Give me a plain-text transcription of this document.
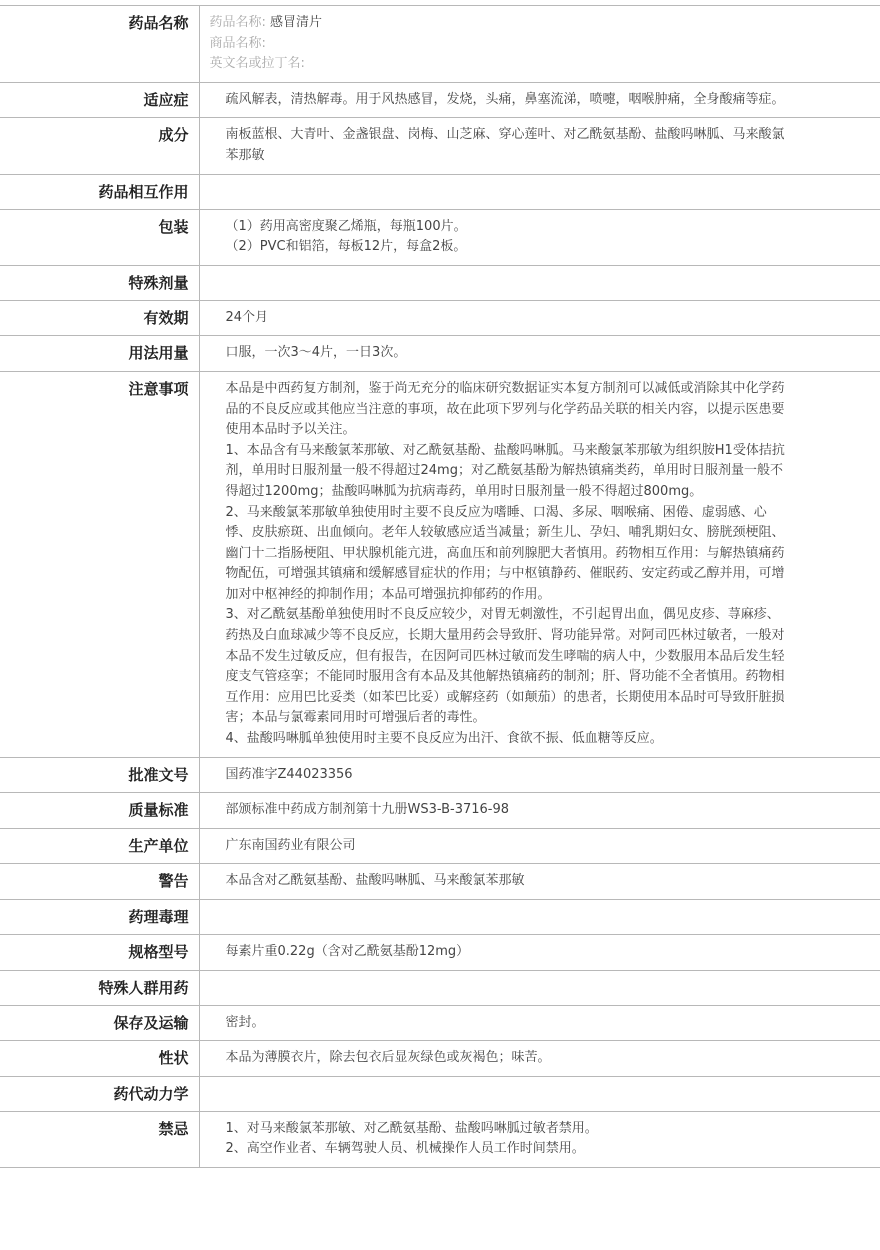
药品名称	药品名称: 感冒清片
商品名称:
英文名或拉丁名:

适应症	疏风解表，清热解毒。用于风热感冒，发烧，头痛，鼻塞流涕，喷嚏，咽喉肿痛，全身酸痛等症。
成分	南板蓝根、大青叶、金盏银盘、岗梅、山芝麻、穿心莲叶、对乙酰氨基酚、盐酸吗啉胍、马来酸氯苯那敏
药品相互作用	
包装	（1）药用高密度聚乙烯瓶，每瓶100片。
（2）PVC和铝箔，每板12片，每盒2板。

特殊剂量	
有效期	24个月
用法用量	口服，一次3～4片，一日3次。
注意事项	本品是中西药复方制剂，鉴于尚无充分的临床研究数据证实本复方制剂可以减低或消除其中化学药品的不良反应或其他应当注意的事项，故在此项下罗列与化学药品关联的相关内容，以提示医患要使用本品时予以关注。
1、本品含有马来酸氯苯那敏、对乙酰氨基酚、盐酸吗啉胍。马来酸氯苯那敏为组织胺H1受体拮抗剂，单用时日服剂量一般不得超过24mg；对乙酰氨基酚为解热镇痛类药，单用时日服剂量一般不得超过1200mg；盐酸吗啉胍为抗病毒药，单用时日服剂量一般不得超过800mg。
2、马来酸氯苯那敏单独使用时主要不良反应为嗜睡、口渴、多尿、咽喉痛、困倦、虚弱感、心悸、皮肤瘀斑、出血倾向。老年人较敏感应适当减量；新生儿、孕妇、哺乳期妇女、膀胱颈梗阻、幽门十二指肠梗阻、甲状腺机能亢进，高血压和前列腺肥大者慎用。药物相互作用：与解热镇痛药物配伍，可增强其镇痛和缓解感冒症状的作用；与中枢镇静药、催眠药、安定药或乙醇并用，可增加对中枢神经的抑制作用；本品可增强抗抑郁药的作用。
3、对乙酰氨基酚单独使用时不良反应较少，对胃无刺激性，不引起胃出血，偶见皮疹、荨麻疹、药热及白血球减少等不良反应，长期大量用药会导致肝、肾功能异常。对阿司匹林过敏者，一般对本品不发生过敏反应，但有报告，在因阿司匹林过敏而发生哮喘的病人中，少数服用本品后发生轻度支气管痉挛；不能同时服用含有本品及其他解热镇痛药的制剂；肝、肾功能不全者慎用。药物相互作用：应用巴比妥类（如苯巴比妥）或解痉药（如颠茄）的患者，长期使用本品时可导致肝脏损害；本品与氯霉素同用时可增强后者的毒性。
4、盐酸吗啉胍单独使用时主要不良反应为出汗、食欲不振、低血糖等反应。

批准文号	国药准字Z44023356
质量标准	部颁标准中药成方制剂第十九册WS3-B-3716-98
生产单位	广东南国药业有限公司
警告	本品含对乙酰氨基酚、盐酸吗啉胍、马来酸氯苯那敏
药理毒理	
规格型号	每素片重0.22g（含对乙酰氨基酚12mg）
特殊人群用药	
保存及运输	密封。
性状	本品为薄膜衣片，除去包衣后显灰绿色或灰褐色；味苦。
药代动力学	
禁忌	1、对马来酸氯苯那敏、对乙酰氨基酚、盐酸吗啉胍过敏者禁用。
2、高空作业者、车辆驾驶人员、机械操作人员工作时间禁用。
